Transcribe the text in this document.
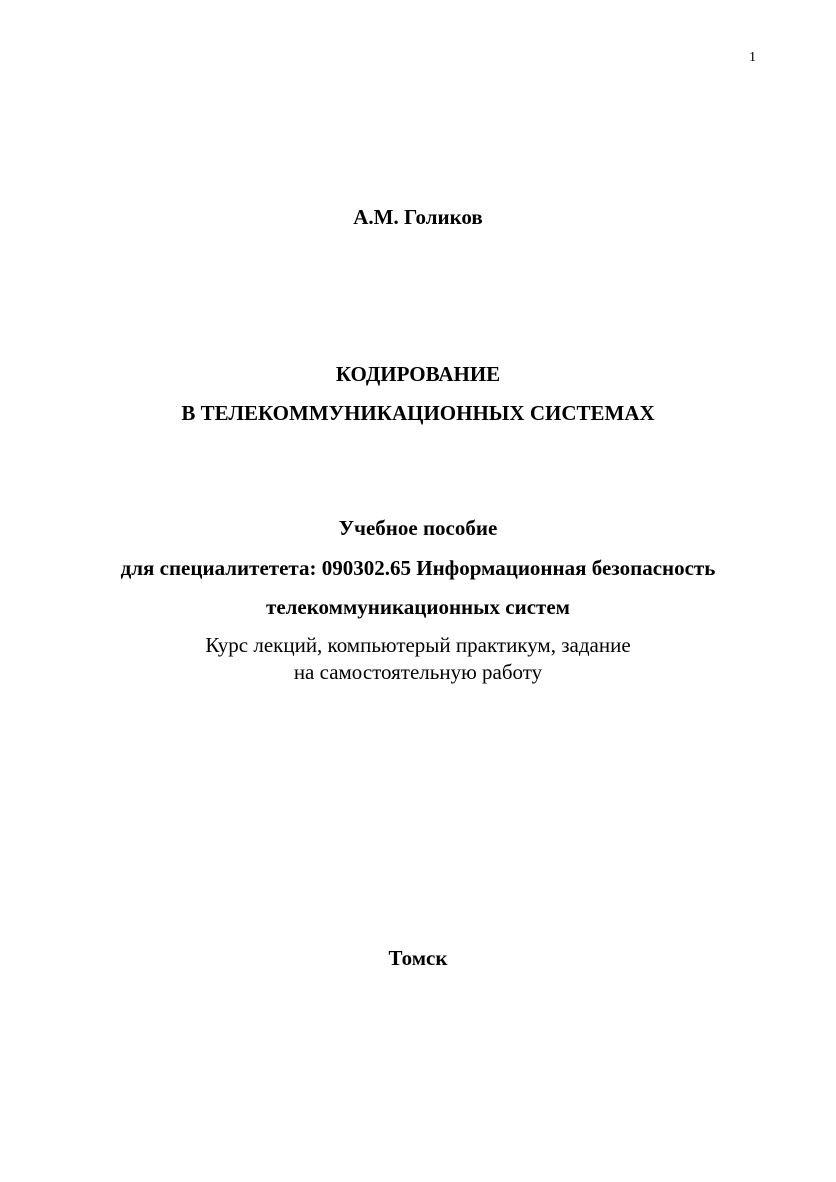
1
А.М. Голиков
КОДИРОВАНИЕ
В ТЕЛЕКОММУНИКАЦИОННЫХ СИСТЕМАХ
Учебное пособие
для специалитетета: 090302.65 Информационная безопасность
телекоммуникационных систем
Курс лекций, компьютерый практикум, задание
на самостоятельную работу
Томск
